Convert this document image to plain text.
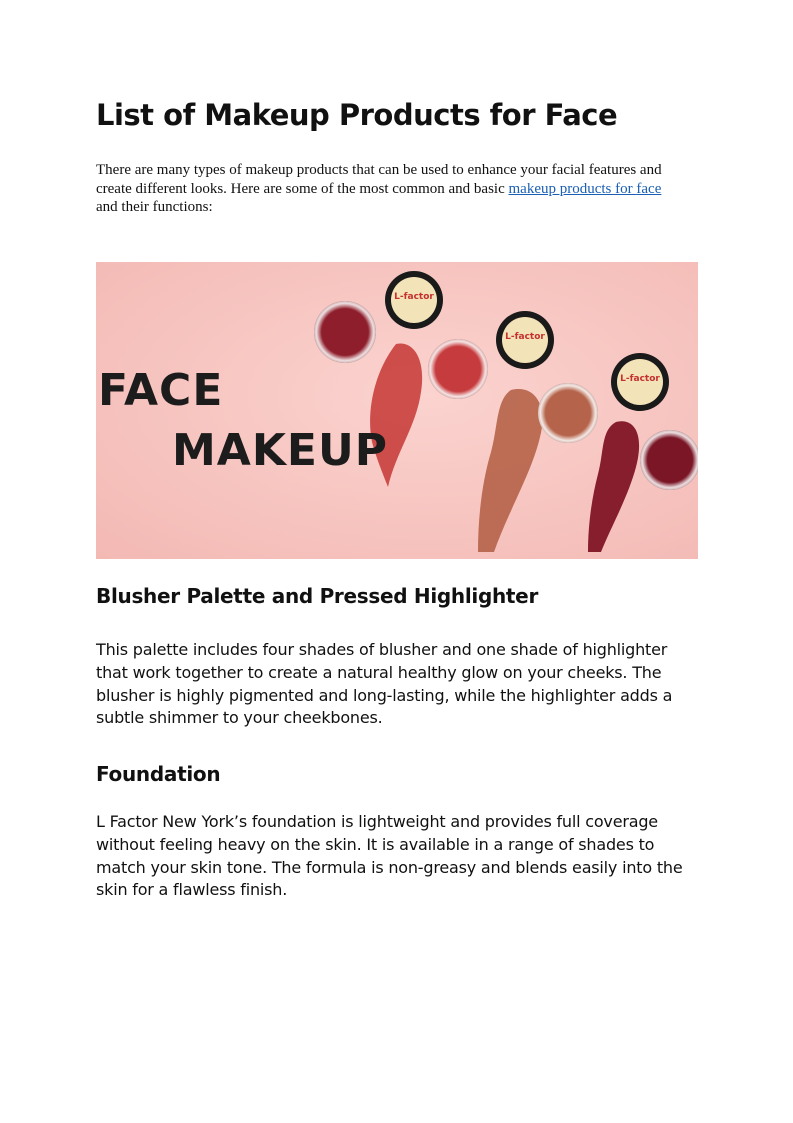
List of Makeup Products for Face

There are many types of makeup products that can be used to enhance your facial features and create different looks. Here are some of the most common and basic makeup products for face and their functions:

L-factor
L-factor
L-factor
FACE
MAKEUP
Blusher Palette and Pressed Highlighter

This palette includes four shades of blusher and one shade of highlighter that work together to create a natural healthy glow on your cheeks. The blusher is highly pigmented and long-lasting, while the highlighter adds a subtle shimmer to your cheekbones.

Foundation

L Factor New York’s foundation is lightweight and provides full coverage without feeling heavy on the skin. It is available in a range of shades to match your skin tone. The formula is non-greasy and blends easily into the skin for a flawless finish.
